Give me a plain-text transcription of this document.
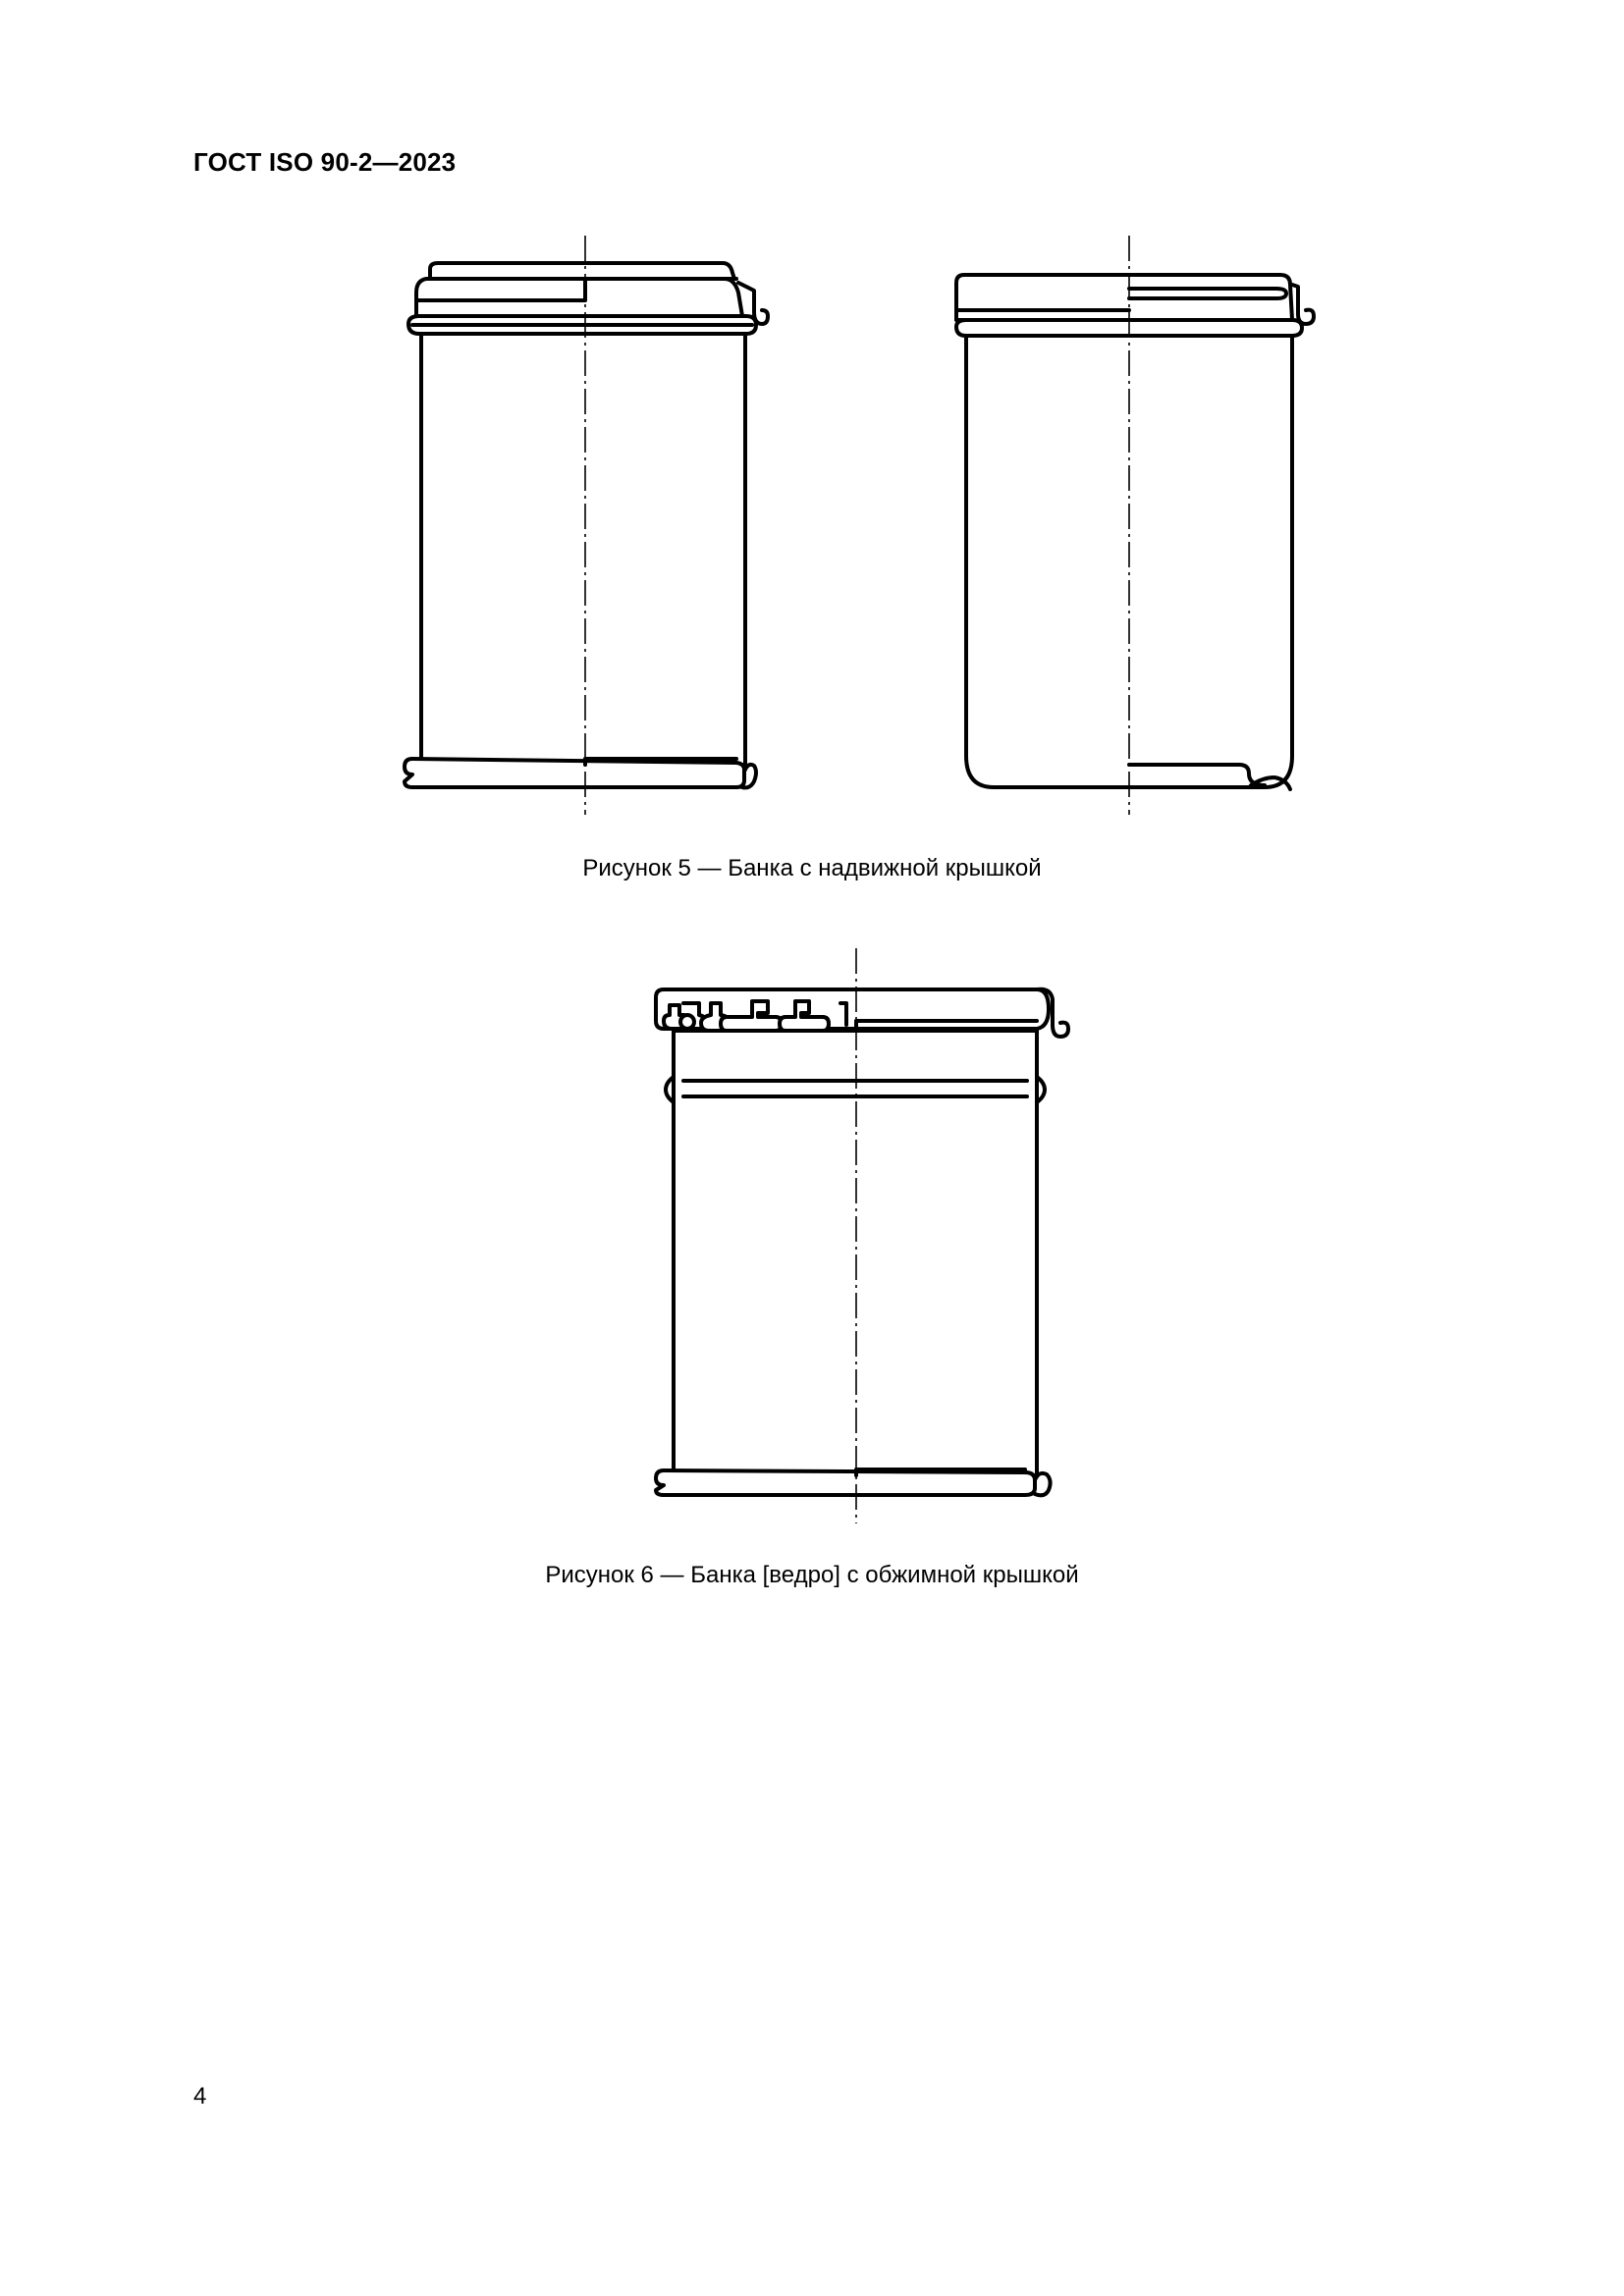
ГОСТ ISO 90-2—2023
Рисунок 5 — Банка с надвижной крышкой
Рисунок 6 — Банка [ведро] с обжимной крышкой
4
